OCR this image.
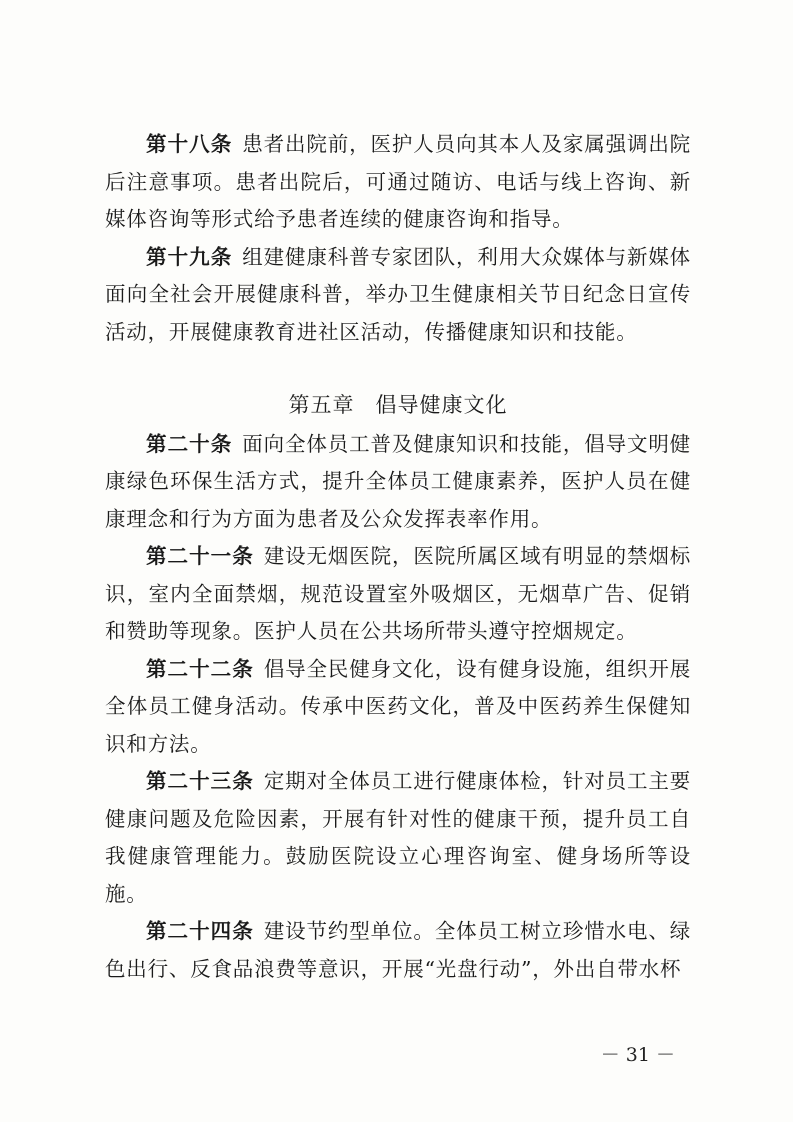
第十八条 患者出院前，医护人员向其本人及家属强调出院后注意事项。患者出院后，可通过随访、电话与线上咨询、新媒体咨询等形式给予患者连续的健康咨询和指导。

第十九条 组建健康科普专家团队，利用大众媒体与新媒体面向全社会开展健康科普，举办卫生健康相关节日纪念日宣传活动，开展健康教育进社区活动，传播健康知识和技能。

第五章 倡导健康文化

第二十条 面向全体员工普及健康知识和技能，倡导文明健康绿色环保生活方式，提升全体员工健康素养，医护人员在健康理念和行为方面为患者及公众发挥表率作用。

第二十一条 建设无烟医院，医院所属区域有明显的禁烟标识，室内全面禁烟，规范设置室外吸烟区，无烟草广告、促销和赞助等现象。医护人员在公共场所带头遵守控烟规定。

第二十二条 倡导全民健身文化，设有健身设施，组织开展全体员工健身活动。传承中医药文化，普及中医药养生保健知识和方法。

第二十三条 定期对全体员工进行健康体检，针对员工主要健康问题及危险因素，开展有针对性的健康干预，提升员工自我健康管理能力。鼓励医院设立心理咨询室、健身场所等设施。

第二十四条 建设节约型单位。全体员工树立珍惜水电、绿色出行、反食品浪费等意识，开展“光盘行动”，外出自带水杯

－ 31 －
